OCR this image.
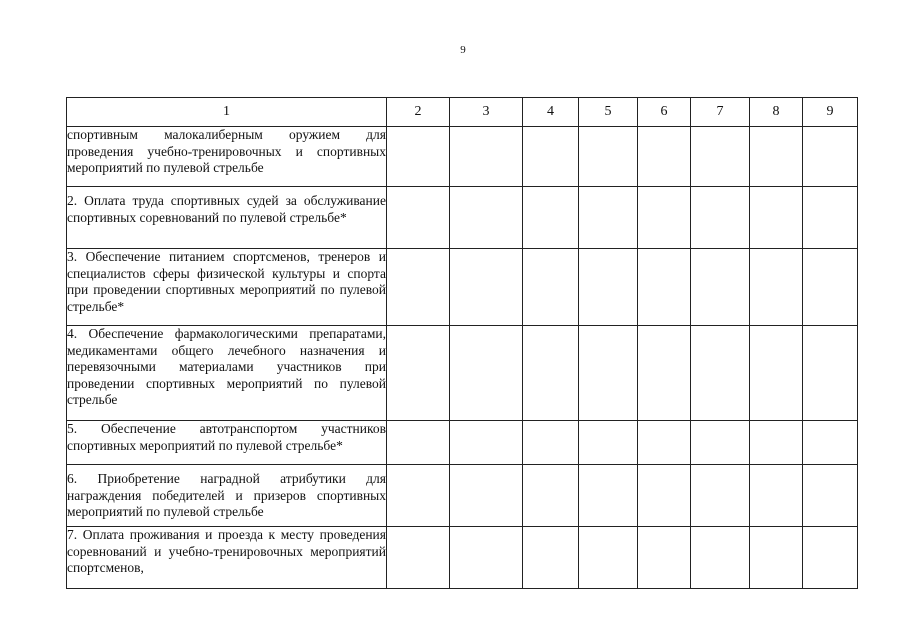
9
1	2	3	4	5	6	7	8	9
спортивным малокалиберным оружием для проведения учебно-тренировочных и спортивных мероприятий по пулевой стрельбе								
2. Оплата труда спортивных судей за обслуживание спортивных соревнований по пулевой стрельбе*								
3. Обеспечение питанием спортсменов, тренеров и специалистов сферы физической культуры и спорта при проведении спортивных мероприятий по пулевой стрельбе*								
4. Обеспечение фармакологическими препаратами, медикаментами общего лечебного назначения и перевязочными материалами участников при проведении спортивных мероприятий по пулевой стрельбе								
5. Обеспечение автотранспортом участников спортивных мероприятий по пулевой стрельбе*								
6. Приобретение наградной атрибутики для награждения победителей и призеров спортивных мероприятий по пулевой стрельбе								
7. Оплата проживания и проезда к месту проведения соревнований и учебно-тренировочных мероприятий спортсменов,								
